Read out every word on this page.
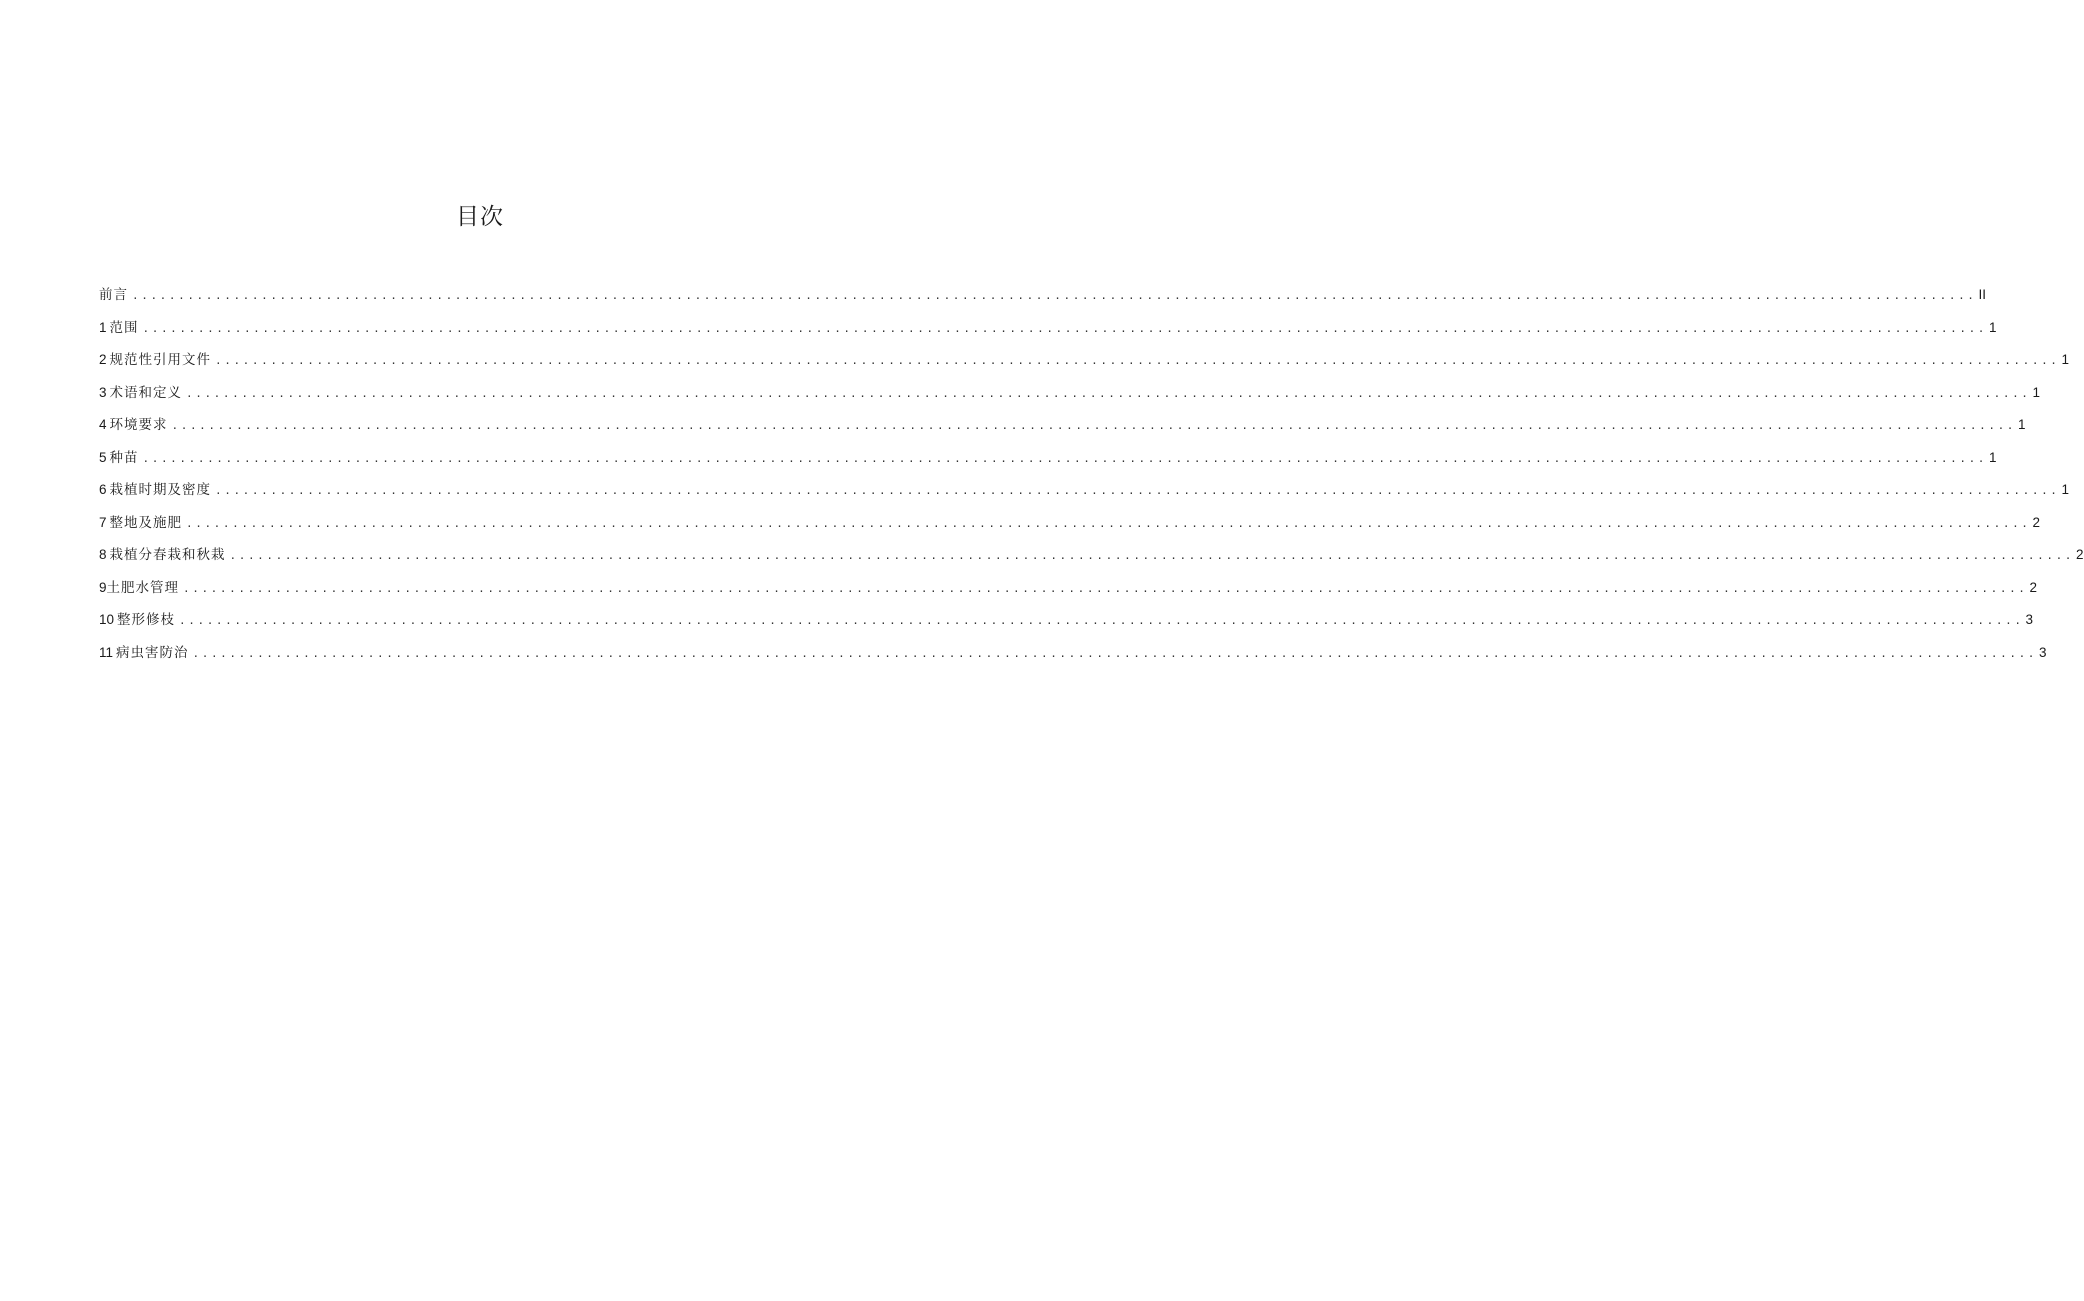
目次
前言 ........................................................................................................................................................................................................ II
1 范围 ........................................................................................................................................................................................................ 1
2 规范性引用文件 ........................................................................................................................................................................................................ 1
3 术语和定义 ........................................................................................................................................................................................................ 1
4 环境要求 ........................................................................................................................................................................................................ 1
5 种苗 ........................................................................................................................................................................................................ 1
6 栽植时期及密度 ........................................................................................................................................................................................................ 1
7 整地及施肥 ........................................................................................................................................................................................................ 2
8 栽植分春栽和秋栽 ........................................................................................................................................................................................................ 2
9 土肥水管理 ........................................................................................................................................................................................................ 2
10 整形修枝 ........................................................................................................................................................................................................ 3
11 病虫害防治 ........................................................................................................................................................................................................ 3
